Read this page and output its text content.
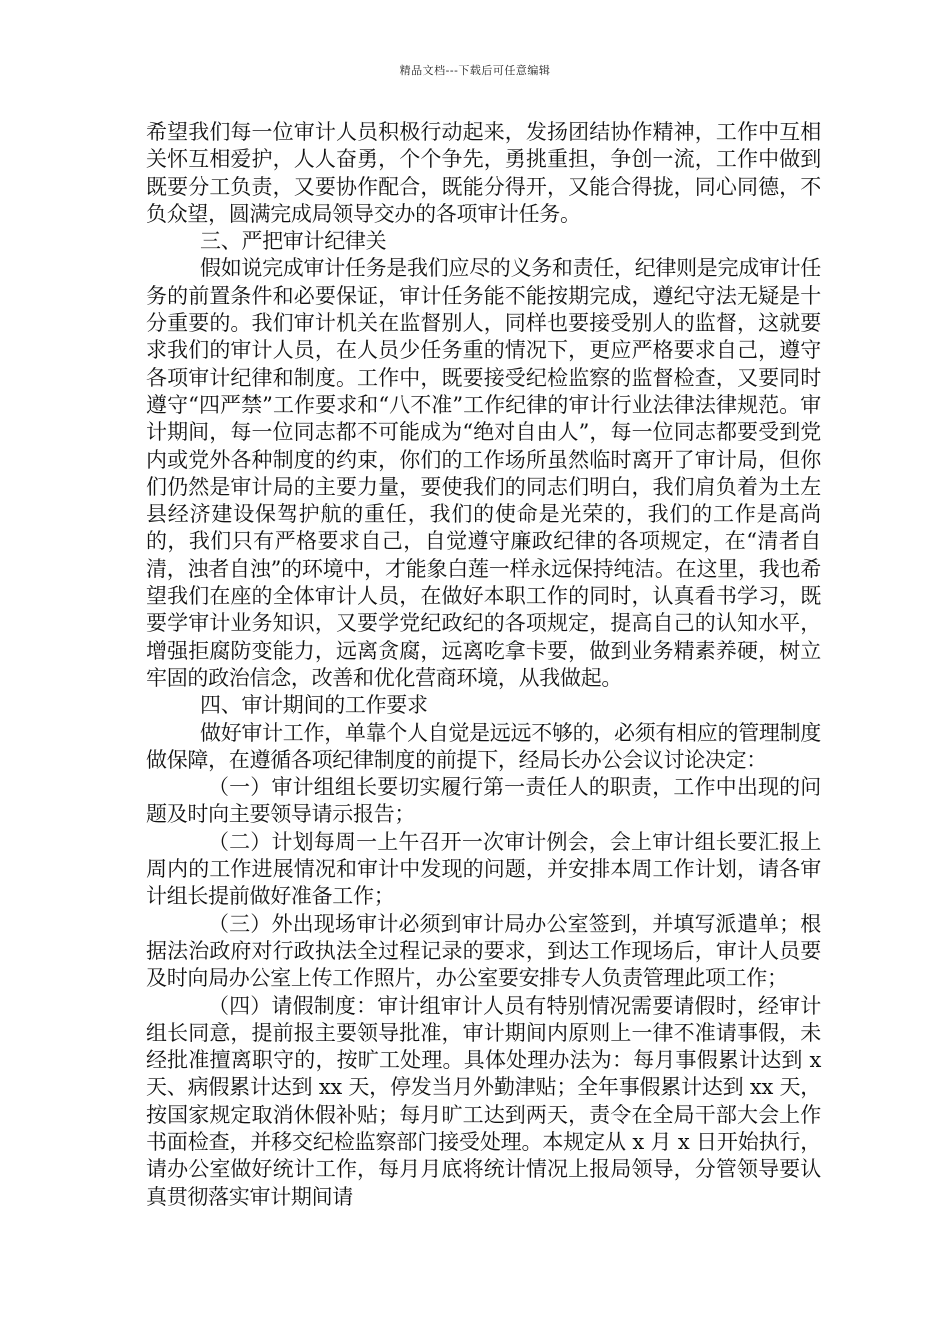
精品文档---下载后可任意编辑

希望我们每一位审计人员积极行动起来，发扬团结协作精神，工作中互相关怀互相爱护，人人奋勇，个个争先，勇挑重担，争创一流，工作中做到既要分工负责，又要协作配合，既能分得开，又能合得拢，同心同德，不负众望，圆满完成局领导交办的各项审计任务。

三、严把审计纪律关

假如说完成审计任务是我们应尽的义务和责任，纪律则是完成审计任务的前置条件和必要保证，审计任务能不能按期完成，遵纪守法无疑是十分重要的。我们审计机关在监督别人，同样也要接受别人的监督，这就要求我们的审计人员，在人员少任务重的情况下，更应严格要求自己，遵守各项审计纪律和制度。工作中，既要接受纪检监察的监督检查，又要同时遵守“四严禁”工作要求和“八不准”工作纪律的审计行业法律法律规范。审计期间，每一位同志都不可能成为“绝对自由人”，每一位同志都要受到党内或党外各种制度的约束，你们的工作场所虽然临时离开了审计局，但你们仍然是审计局的主要力量，要使我们的同志们明白，我们肩负着为土左县经济建设保驾护航的重任，我们的使命是光荣的，我们的工作是高尚的，我们只有严格要求自己，自觉遵守廉政纪律的各项规定，在“清者自清，浊者自浊”的环境中，才能象白莲一样永远保持纯洁。在这里，我也希望我们在座的全体审计人员，在做好本职工作的同时，认真看书学习，既要学审计业务知识，又要学党纪政纪的各项规定，提高自己的认知水平，增强拒腐防变能力，远离贪腐，远离吃拿卡要，做到业务精素养硬，树立牢固的政治信念，改善和优化营商环境，从我做起。

四、审计期间的工作要求

做好审计工作，单靠个人自觉是远远不够的，必须有相应的管理制度做保障，在遵循各项纪律制度的前提下，经局长办公会议讨论决定：

（一）审计组组长要切实履行第一责任人的职责，工作中出现的问题及时向主要领导请示报告；

（二）计划每周一上午召开一次审计例会，会上审计组长要汇报上周内的工作进展情况和审计中发现的问题，并安排本周工作计划，请各审计组长提前做好准备工作；

（三）外出现场审计必须到审计局办公室签到，并填写派遣单；根据法治政府对行政执法全过程记录的要求，到达工作现场后，审计人员要及时向局办公室上传工作照片，办公室要安排专人负责管理此项工作；

（四）请假制度：审计组审计人员有特别情况需要请假时，经审计组长同意，提前报主要领导批准，审计期间内原则上一律不准请事假，未经批准擅离职守的，按旷工处理。具体处理办法为：每月事假累计达到 x 天、病假累计达到 xx 天，停发当月外勤津贴；全年事假累计达到 xx 天，按国家规定取消休假补贴；每月旷工达到两天，责令在全局干部大会上作书面检查，并移交纪检监察部门接受处理。本规定从 x 月 x 日开始执行，请办公室做好统计工作，每月月底将统计情况上报局领导，分管领导要认真贯彻落实审计期间请
